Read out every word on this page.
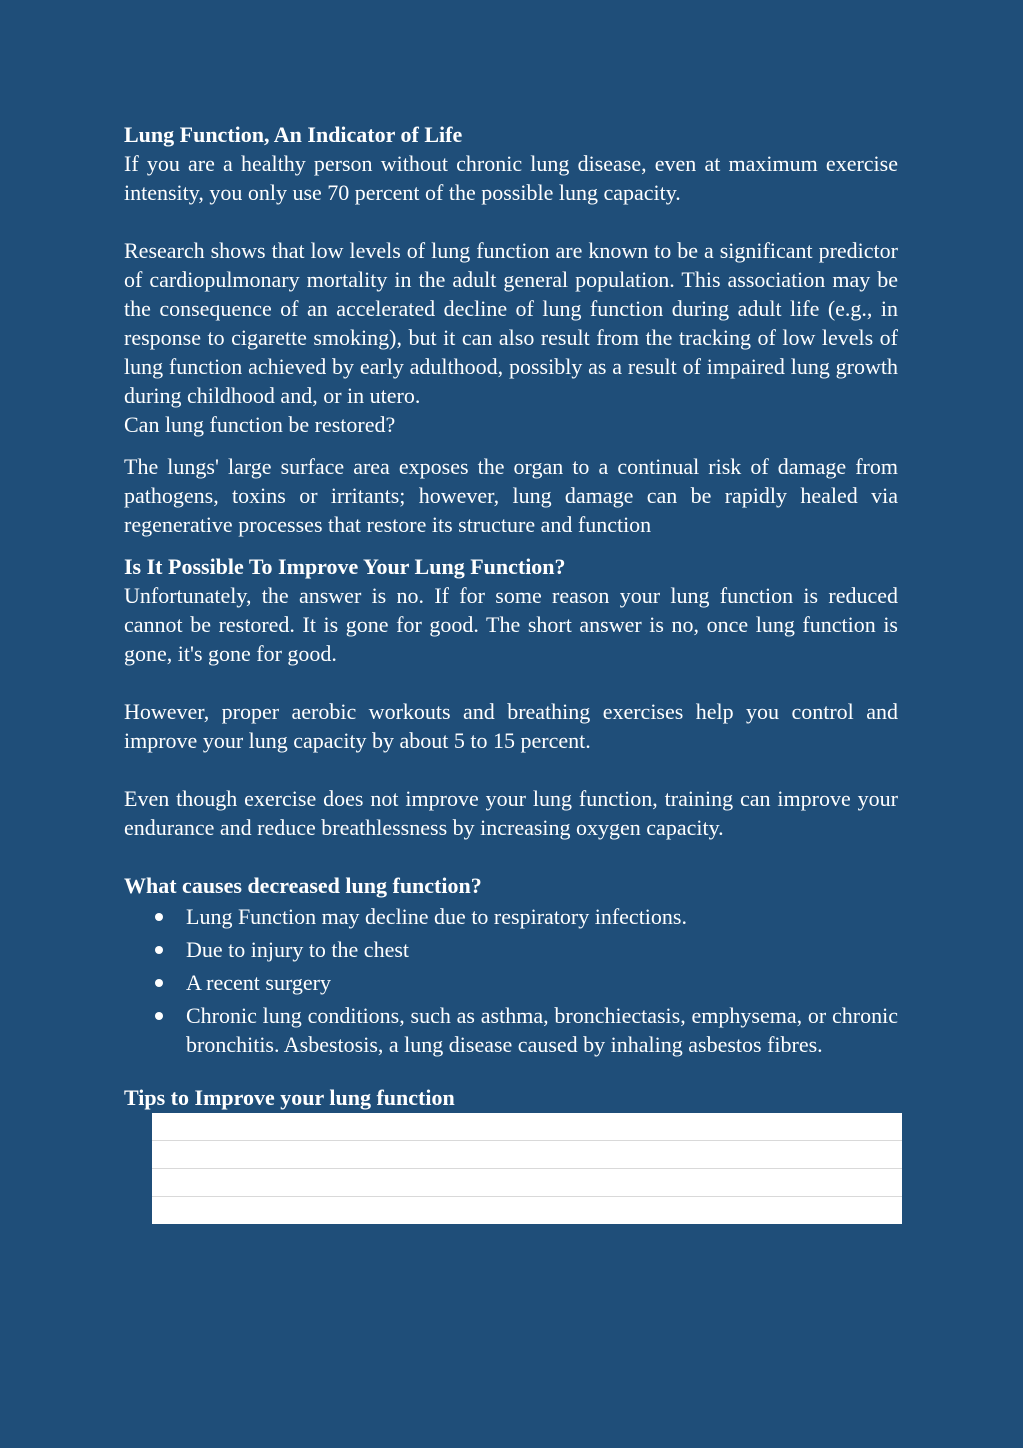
Lung Function, An Indicator of Life

If you are a healthy person without chronic lung disease, even at maximum exercise intensity, you only use 70 percent of the possible lung capacity.

Research shows that low levels of lung function are known to be a significant predictor of cardiopulmonary mortality in the adult general population. This association may be the consequence of an accelerated decline of lung function during adult life (e.g., in response to cigarette smoking), but it can also result from the tracking of low levels of lung function achieved by early adulthood, possibly as a result of impaired lung growth during childhood and, or in utero.

Can lung function be restored?

The lungs' large surface area exposes the organ to a continual risk of damage from pathogens, toxins or irritants; however, lung damage can be rapidly healed via regenerative processes that restore its structure and function

Is It Possible To Improve Your Lung Function?

Unfortunately, the answer is no. If for some reason your lung function is reduced cannot be restored. It is gone for good. The short answer is no, once lung function is gone, it's gone for good.

However, proper aerobic workouts and breathing exercises help you control and improve your lung capacity by about 5 to 15 percent.

Even though exercise does not improve your lung function, training can improve your endurance and reduce breathlessness by increasing oxygen capacity.

What causes decreased lung function?

Lung Function may decline due to respiratory infections.
Due to injury to the chest
A recent surgery
Chronic lung conditions, such as asthma, bronchiectasis, emphysema, or chronic bronchitis. Asbestosis, a lung disease caused by inhaling asbestos fibres.

Tips to Improve your lung function
